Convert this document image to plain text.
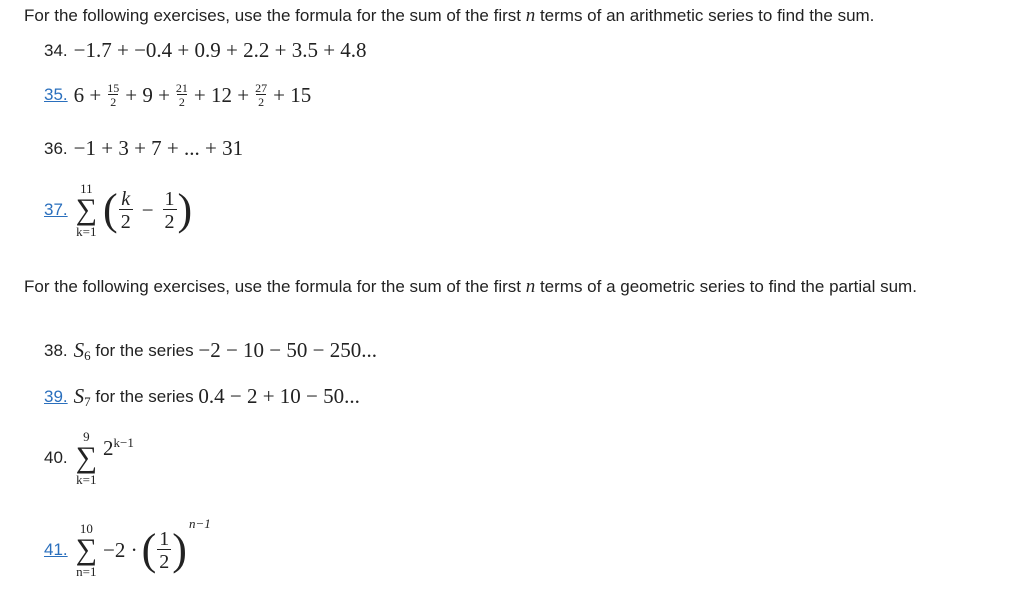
For the following exercises, use the formula for the sum of the first n terms of an arithmetic series to find the sum.
34. −1.7 + −0.4 + 0.9 + 2.2 + 3.5 + 4.8
35. $6 + \frac{15}{2} + 9 + \frac{21}{2} + 12 + \frac{27}{2} + 15$
36. −1 + 3 + 7 + ... + 31
37.
11
∑
k=1 ( $\frac{k}{2} - \frac{1}{2}$ )
For the following exercises, use the formula for the sum of the first n terms of a geometric series to find the partial sum.
38. S 6 for the series −2 − 10 − 50 − 250...
39. S 7 for the series 0.4 − 2 + 10 − 50...
40.
9
∑
k=1
$2^{k-1}$
41.
10
∑
n=1
−2 · ( $\frac{1}{2}$ )
n−1
